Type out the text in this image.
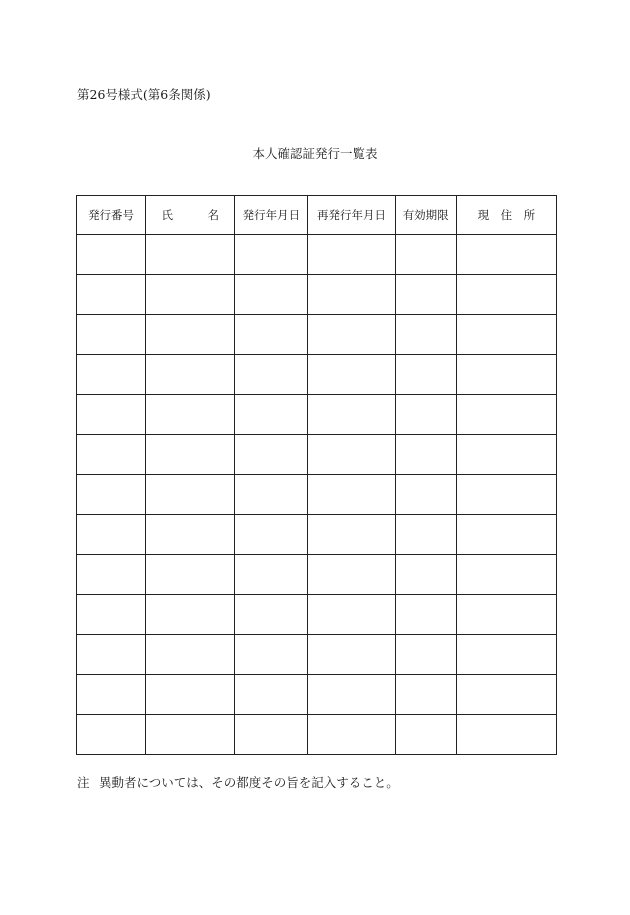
第26号様式(第6条関係)
本人確認証発行一覧表
発行番号	氏　　　名	発行年月日	再発行年月日	有効期限	現　住　所

注 異動者については、その都度その旨を記入すること。
